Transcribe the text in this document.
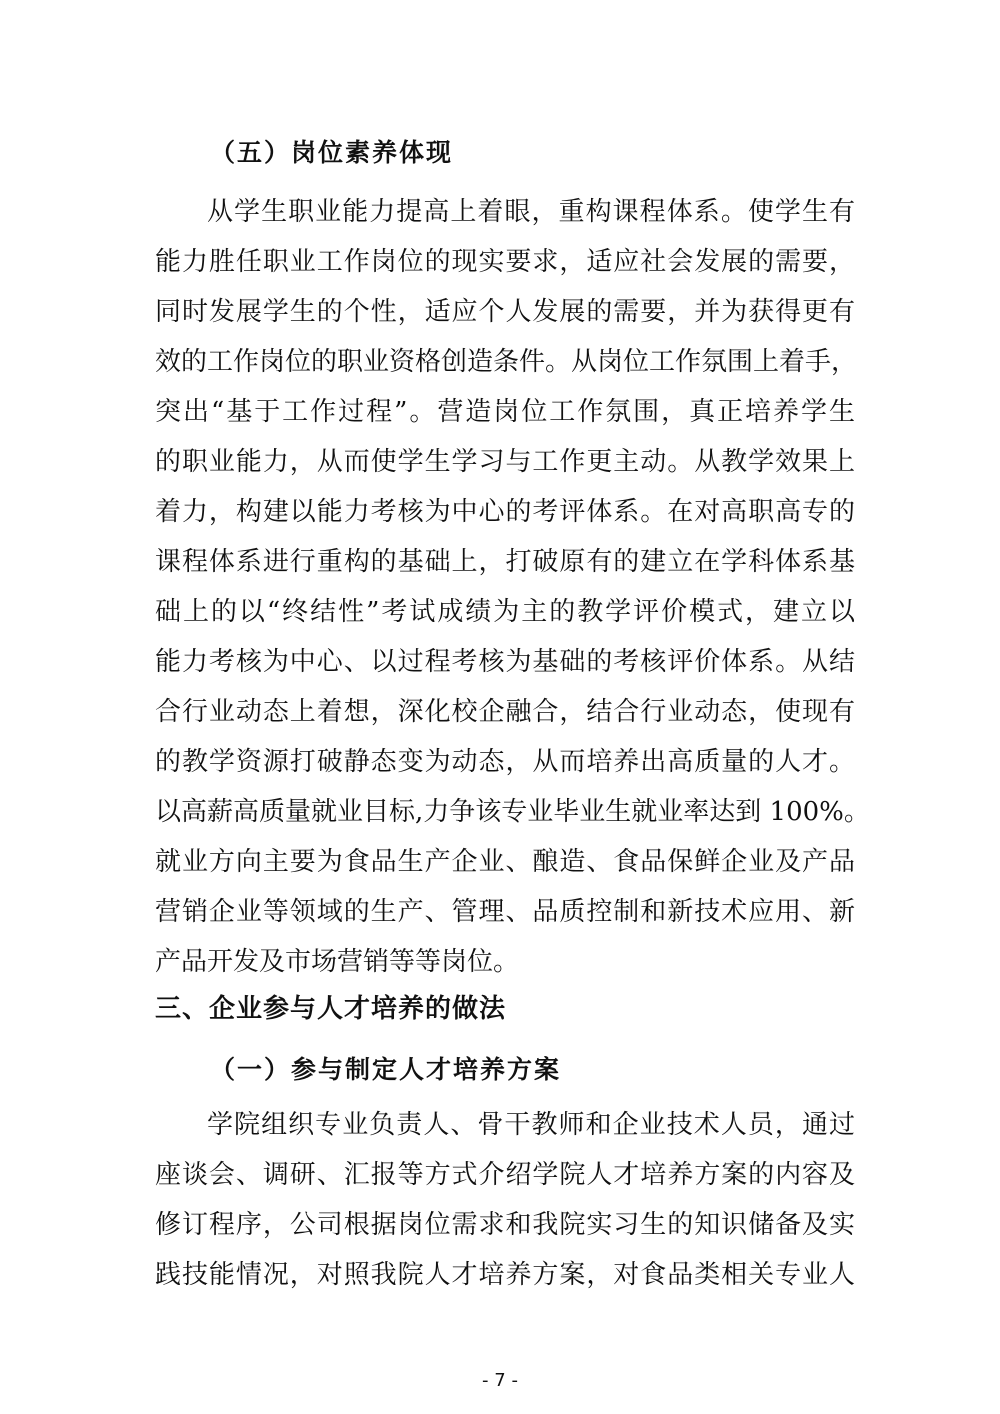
（五）岗位素养体现
从学生职业能力提高上着眼，重构课程体系。使学生有
能力胜任职业工作岗位的现实要求，适应社会发展的需要，
同时发展学生的个性，适应个人发展的需要，并为获得更有
效的工作岗位的职业资格创造条件。从岗位工作氛围上着手，
突出“基于工作过程”。营造岗位工作氛围，真正培养学生
的职业能力，从而使学生学习与工作更主动。从教学效果上
着力，构建以能力考核为中心的考评体系。在对高职高专的
课程体系进行重构的基础上，打破原有的建立在学科体系基
础上的以“终结性”考试成绩为主的教学评价模式，建立以
能力考核为中心、以过程考核为基础的考核评价体系。从结
合行业动态上着想，深化校企融合，结合行业动态，使现有
的教学资源打破静态变为动态，从而培养出高质量的人才。
以高薪高质量就业目标,力争该专业毕业生就业率达到 100%。
就业方向主要为食品生产企业、酿造、食品保鲜企业及产品
营销企业等领域的生产、管理、品质控制和新技术应用、新
产品开发及市场营销等等岗位。
三、企业参与人才培养的做法
（一）参与制定人才培养方案
学院组织专业负责人、骨干教师和企业技术人员，通过
座谈会、调研、汇报等方式介绍学院人才培养方案的内容及
修订程序，公司根据岗位需求和我院实习生的知识储备及实
践技能情况，对照我院人才培养方案，对食品类相关专业人
- 7 -
